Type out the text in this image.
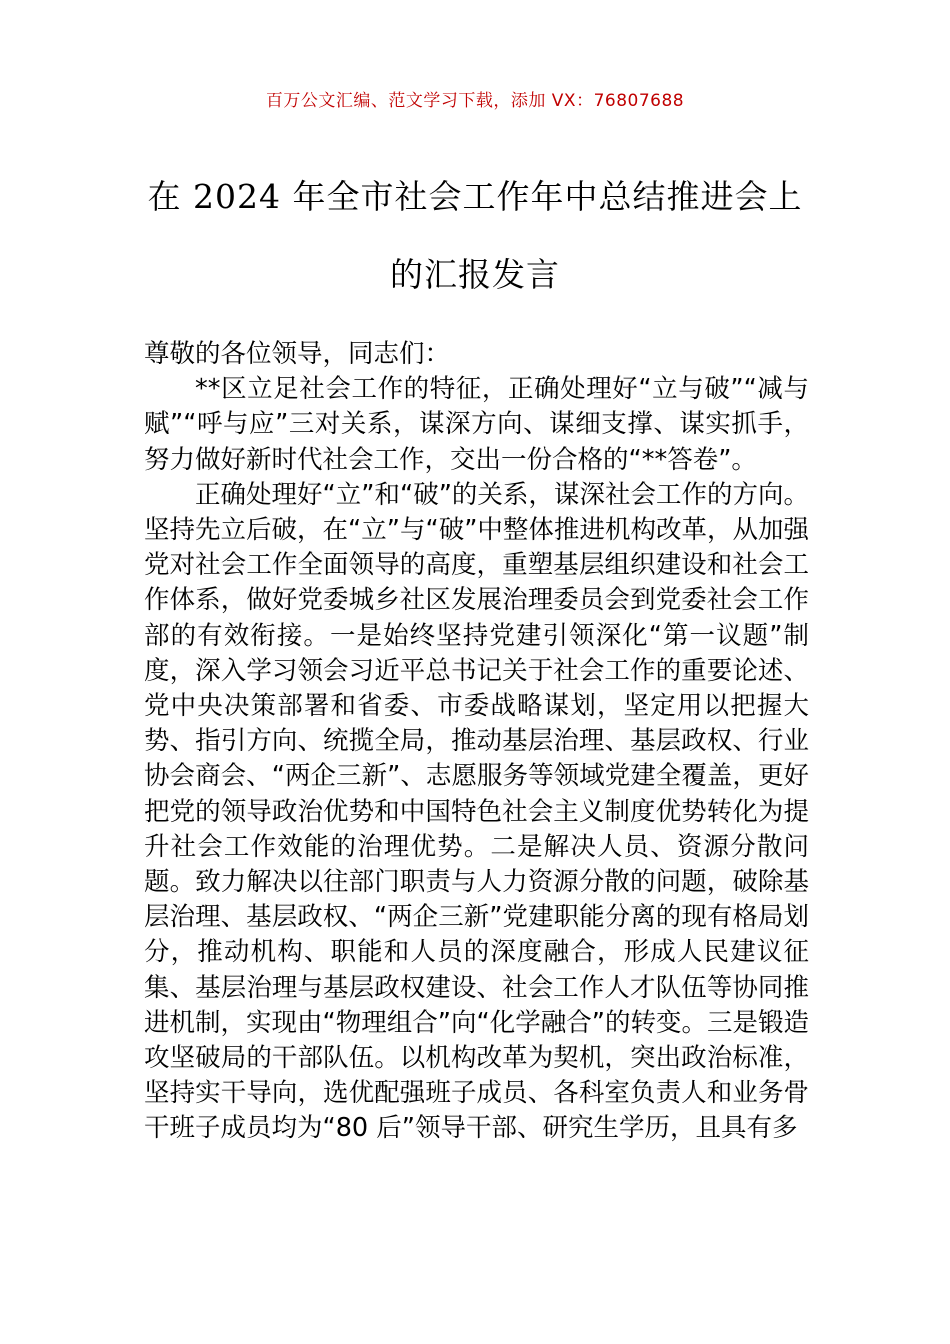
百万公文汇编、范文学习下载，添加 VX：76807688
在 2024 年全市社会工作年中总结推进会上
的汇报发言

尊敬的各位领导，同志们：

**区立足社会工作的特征，正确处理好“立与破”“减与赋”“呼与应”三对关系，谋深方向、谋细支撑、谋实抓手，努力做好新时代社会工作，交出一份合格的“**答卷”。

正确处理好“立”和“破”的关系，谋深社会工作的方向。坚持先立后破，在“立”与“破”中整体推进机构改革，从加强党对社会工作全面领导的高度，重塑基层组织建设和社会工作体系，做好党委城乡社区发展治理委员会到党委社会工作部的有效衔接。一是始终坚持党建引领深化“第一议题”制度，深入学习领会习近平总书记关于社会工作的重要论述、党中央决策部署和省委、市委战略谋划，坚定用以把握大势、指引方向、统揽全局，推动基层治理、基层政权、行业协会商会、“两企三新”、志愿服务等领域党建全覆盖，更好把党的领导政治优势和中国特色社会主义制度优势转化为提升社会工作效能的治理优势。二是解决人员、资源分散问题。致力解决以往部门职责与人力资源分散的问题，破除基层治理、基层政权、“两企三新”党建职能分离的现有格局划分，推动机构、职能和人员的深度融合，形成人民建议征集、基层治理与基层政权建设、社会工作人才队伍等协同推进机制，实现由“物理组合”向“化学融合”的转变。三是锻造攻坚破局的干部队伍。以机构改革为契机，突出政治标准，坚持实干导向，选优配强班子成员、各科室负责人和业务骨干班子成员均为“80 后”领导干部、研究生学历，且具有多
